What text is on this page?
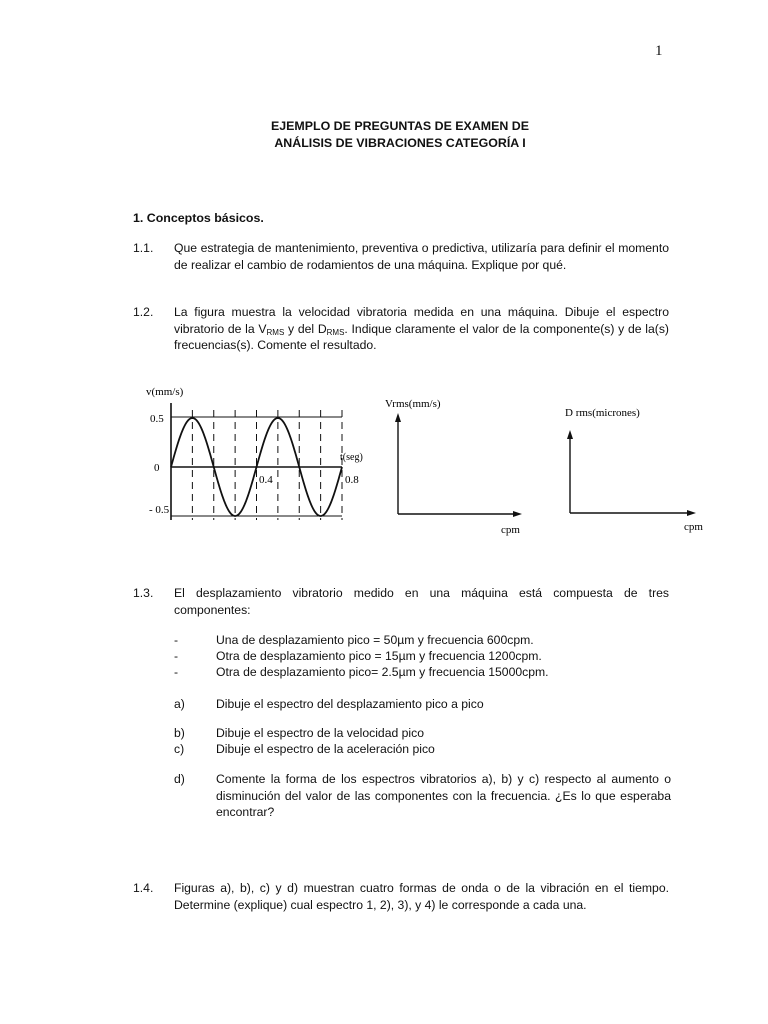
1
EJEMPLO DE PREGUNTAS DE EXAMEN DE
ANÁLISIS DE VIBRACIONES CATEGORÍA I
1. Conceptos básicos.
1.1. Que estrategia de mantenimiento, preventiva o predictiva, utilizaría para definir el momento de realizar el cambio de rodamientos de una máquina. Explique por qué.
1.2. La figura muestra la velocidad vibratoria medida en una máquina. Dibuje el espectro vibratorio de la $V_{RMS}$ y del $D_{RMS}$. Indique claramente el valor de la componente(s) y de la(s) frecuencias(s). Comente el resultado.
v(mm/s)
0.5
0
- 0.5
0.4	0.8
t(seg)
Vrms(mm/s)
cpm
D rms(micrones)
cpm
1.3. El desplazamiento vibratorio medido en una máquina está compuesta de tres componentes:
-	Una de desplazamiento pico = 50µm y frecuencia 600cpm.
-	Otra de desplazamiento pico = 15µm y frecuencia 1200cpm.
-	Otra de desplazamiento pico= 2.5µm y frecuencia 15000cpm.
a)	Dibuje el espectro del desplazamiento pico a pico
b)	Dibuje el espectro de la velocidad pico
c)	Dibuje el espectro de la aceleración pico
d)	Comente la forma de los espectros vibratorios a), b) y c) respecto al aumento o disminución del valor de las componentes con la frecuencia. ¿Es lo que esperaba encontrar?
1.4. Figuras a), b), c) y d) muestran cuatro formas de onda o de la vibración en el tiempo. Determine (explique) cual espectro 1, 2), 3), y 4) le corresponde a cada una.
